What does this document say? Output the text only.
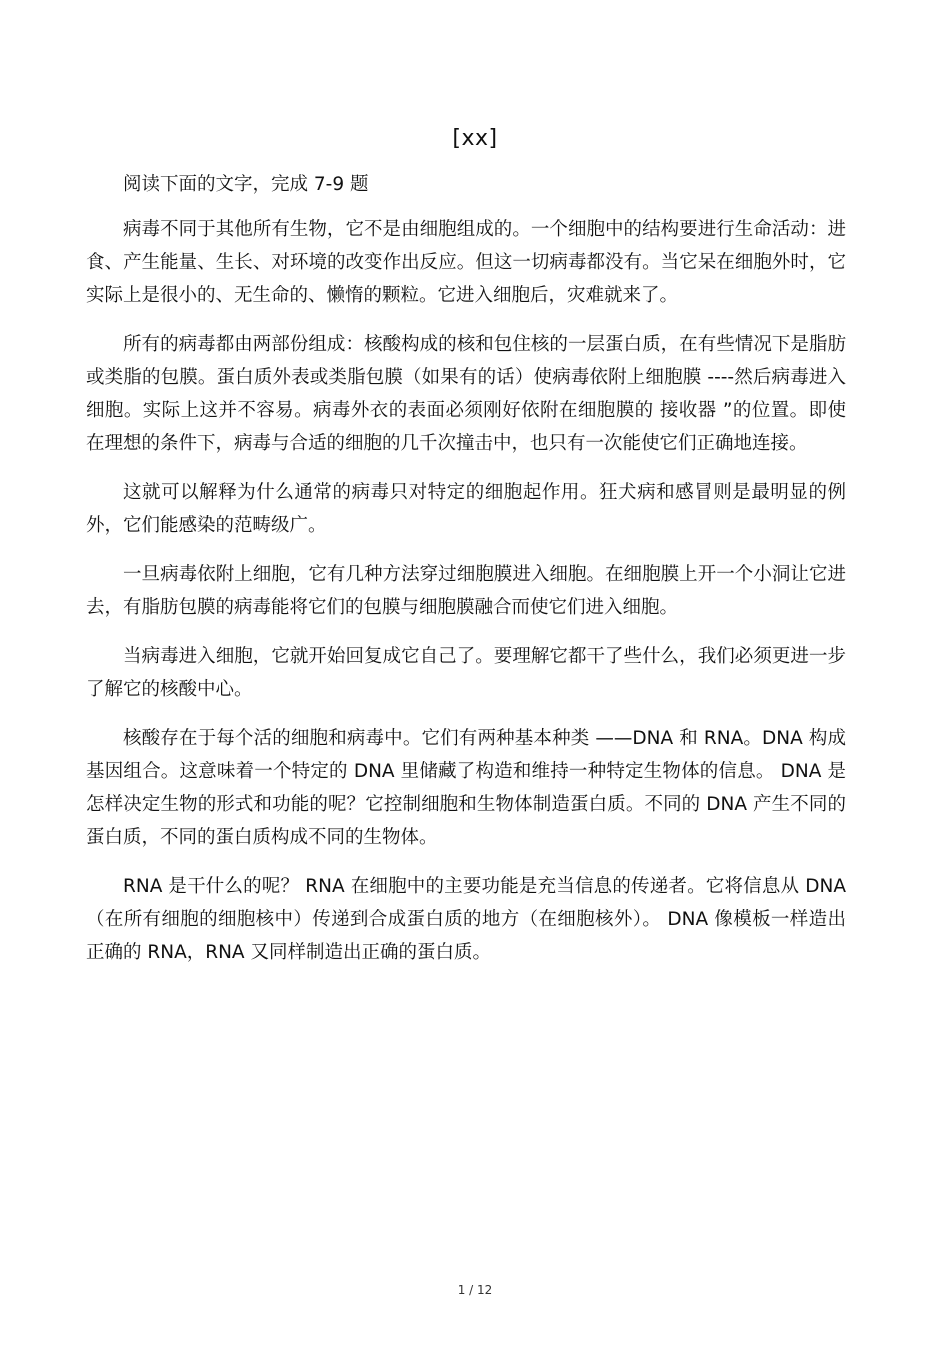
[xx]

阅读下面的文字，完成 7-9 题

病毒不同于其他所有生物，它不是由细胞组成的。一个细胞中的结构要进行生命活动：进食、产生能量、生长、对环境的改变作出反应。但这一切病毒都没有。当它呆在细胞外时，它实际上是很小的、无生命的、懒惰的颗粒。它进入细胞后，灾难就来了。

所有的病毒都由两部份组成：核酸构成的核和包住核的一层蛋白质，在有些情况下是脂肪或类脂的包膜。蛋白质外表或类脂包膜（如果有的话）使病毒依附上细胞膜 ----然后病毒进入细胞。实际上这并不容易。病毒外衣的表面必须刚好依附在细胞膜的 接收器 ”的位置。即使在理想的条件下，病毒与合适的细胞的几千次撞击中，也只有一次能使它们正确地连接。

这就可以解释为什么通常的病毒只对特定的细胞起作用。狂犬病和感冒则是最明显的例外，它们能感染的范畴级广。

一旦病毒依附上细胞，它有几种方法穿过细胞膜进入细胞。在细胞膜上开一个小洞让它进去，有脂肪包膜的病毒能将它们的包膜与细胞膜融合而使它们进入细胞。

当病毒进入细胞，它就开始回复成它自己了。要理解它都干了些什么，我们必须更进一步了解它的核酸中心。

核酸存在于每个活的细胞和病毒中。它们有两种基本种类 ——DNA 和 RNA。DNA 构成基因组合。这意味着一个特定的 DNA 里储藏了构造和维持一种特定生物体的信息。 DNA 是怎样决定生物的形式和功能的呢？它控制细胞和生物体制造蛋白质。不同的 DNA 产生不同的蛋白质，不同的蛋白质构成不同的生物体。

RNA 是干什么的呢？ RNA 在细胞中的主要功能是充当信息的传递者。它将信息从 DNA（在所有细胞的细胞核中）传递到合成蛋白质的地方（在细胞核外）。 DNA 像模板一样造出正确的 RNA，RNA 又同样制造出正确的蛋白质。

1 / 12
